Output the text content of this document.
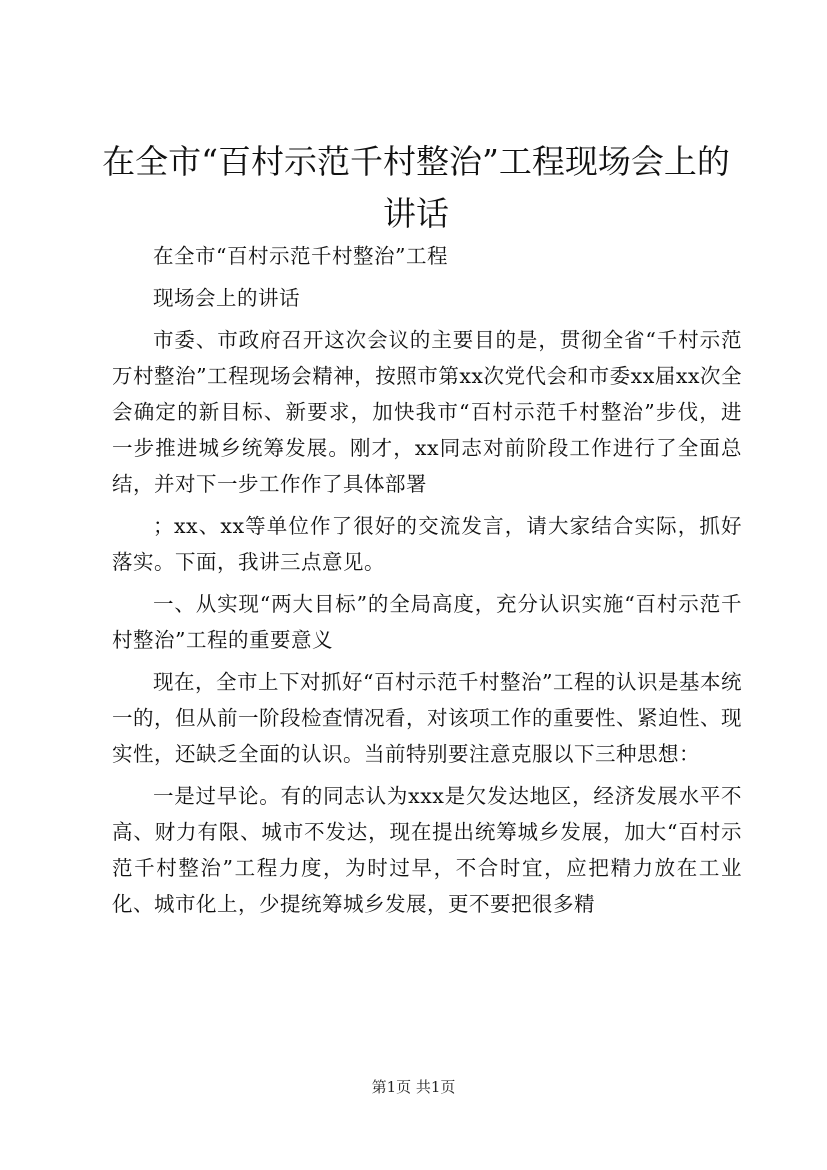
在全市“百村示范千村整治”工程现场会上的讲话

在全市“百村示范千村整治”工程

现场会上的讲话

市委、市政府召开这次会议的主要目的是，贯彻全省“千村示范万村整治”工程现场会精神，按照市第xx次党代会和市委xx届xx次全会确定的新目标、新要求，加快我市“百村示范千村整治”步伐，进一步推进城乡统筹发展。刚才，xx同志对前阶段工作进行了全面总结，并对下一步工作作了具体部署

；xx、xx等单位作了很好的交流发言，请大家结合实际，抓好落实。下面，我讲三点意见。

一、从实现“两大目标”的全局高度，充分认识实施“百村示范千村整治”工程的重要意义

现在，全市上下对抓好“百村示范千村整治”工程的认识是基本统一的，但从前一阶段检查情况看，对该项工作的重要性、紧迫性、现实性，还缺乏全面的认识。当前特别要注意克服以下三种思想：

一是过早论。有的同志认为xxx是欠发达地区，经济发展水平不高、财力有限、城市不发达，现在提出统筹城乡发展，加大“百村示范千村整治”工程力度，为时过早，不合时宜，应把精力放在工业化、城市化上，少提统筹城乡发展，更不要把很多精

第1页 共1页
